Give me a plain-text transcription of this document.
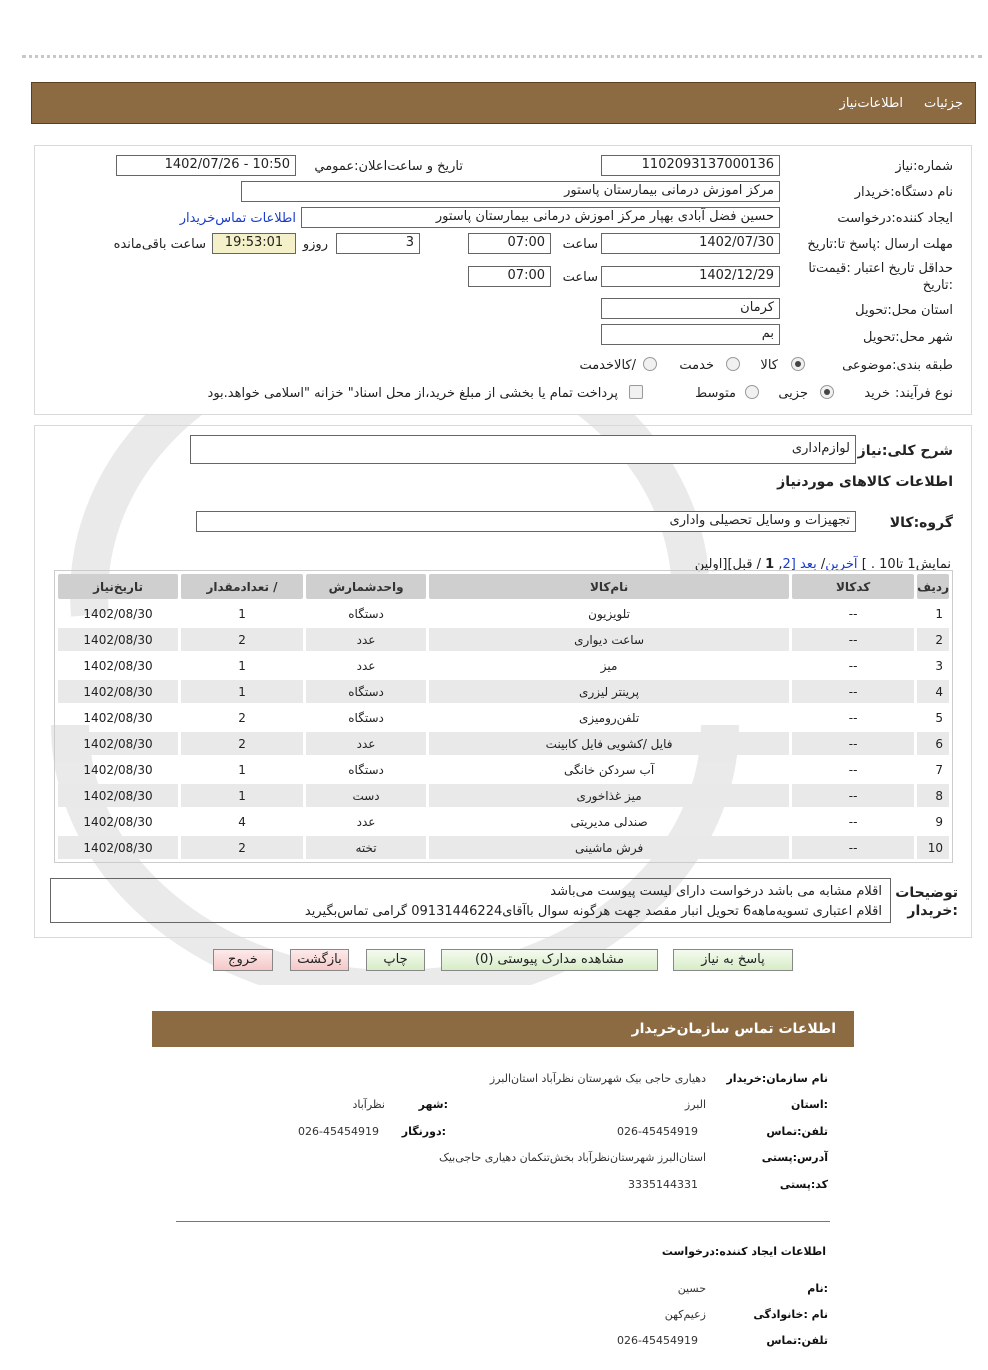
جزئیات
اطلاعات‌نیاز
شماره:نیاز
1102093137000136
تاریخ و ساعت‌اعلان:عمومي
1402/07/26 - 10:50
نام دستگاه:خریدار
مرکز اموزش درمانی بیمارستان پاستور
ایجاد کننده:درخواست
حسین فضل آبادی بهپار مرکز اموزش درمانی بیمارستان پاستور
اطلاعات تماس‌خریدار
مهلت ارسال :پاسخ تا:تاریخ
1402/07/30
ساعت
07:00
3
روزو
19:53:01
ساعت باقی‌مانده
حداقل تاریخ اعتبار :قیمت‌تا
:تاریخ
1402/12/29
ساعت
07:00
استان محل:تحویل
کرمان
شهر محل:تحویل
بم
طبقه بندی:موضوعی
کالا
خدمت
/کالاخدمت
نوع فرآیند:
خرید
جزیی
متوسط
پرداخت تمام یا بخشی از مبلغ خرید،از محل اسناد" خزانه "اسلامی خواهد.بود
شرح کلی:نیاز
لوازم‌اداری
اطلاعات کالاهای موردنیاز
گروه:کالا
تجهیزات و وسایل تحصیلی واداری
نمایش1 تا10 . ] آخرین/ بعد [2, 1 / قبل][اولین
ردیف	کدکالا	نام‌کالا	واحدشمارش	/ تعدادمقدار	تاریخ‌نیاز
1	--	تلویزیون	دستگاه	1	1402/08/30
2	--	ساعت دیواری	عدد	2	1402/08/30
3	--	میز	عدد	1	1402/08/30
4	--	پرینتر لیزری	دستگاه	1	1402/08/30
5	--	تلفن‌رومیزی	دستگاه	2	1402/08/30
6	--	فایل /کشویی فایل کابینت	عدد	2	1402/08/30
7	--	آب سردکن خانگی	دستگاه	1	1402/08/30
8	--	میز غذاخوری	دست	1	1402/08/30
9	--	صندلی مدیریتی	عدد	4	1402/08/30
10	--	فرش ماشینی	تخته	2	1402/08/30
اقلام مشابه می باشد درخواست دارای لیست پیوست می‌باشد
اقلام اعتباری تسویه‌ماهه6 تحویل انبار مقصد جهت هرگونه سوال باآقای09131446224 گرامی تماس‌بگیرید
توضیحات
:خریدار
پاسخ به نیاز
مشاهده مدارک پیوستی (0)
چاپ
بازگشت
خروج
اطلاعات تماس سازمان‌خریدار
نام سازمان:خریدار
دهیاری حاجی بیک شهرستان نظرآباد استان‌البرز
:استان
البرز
:شهر
نظرآباد
تلفن:تماس
026-45454919
:دورنگار
026-45454919
آدرس:پستی
استان‌البرز شهرستان‌نظرآباد بخش‌تنکمان دهیاری حاجی‌بیک
کد:پستی
3335144331
اطلاعات ایجاد کننده:درخواست
:نام
حسین
نام :خانوادگی
زعیم‌کهن
تلفن:تماس
026-45454919
